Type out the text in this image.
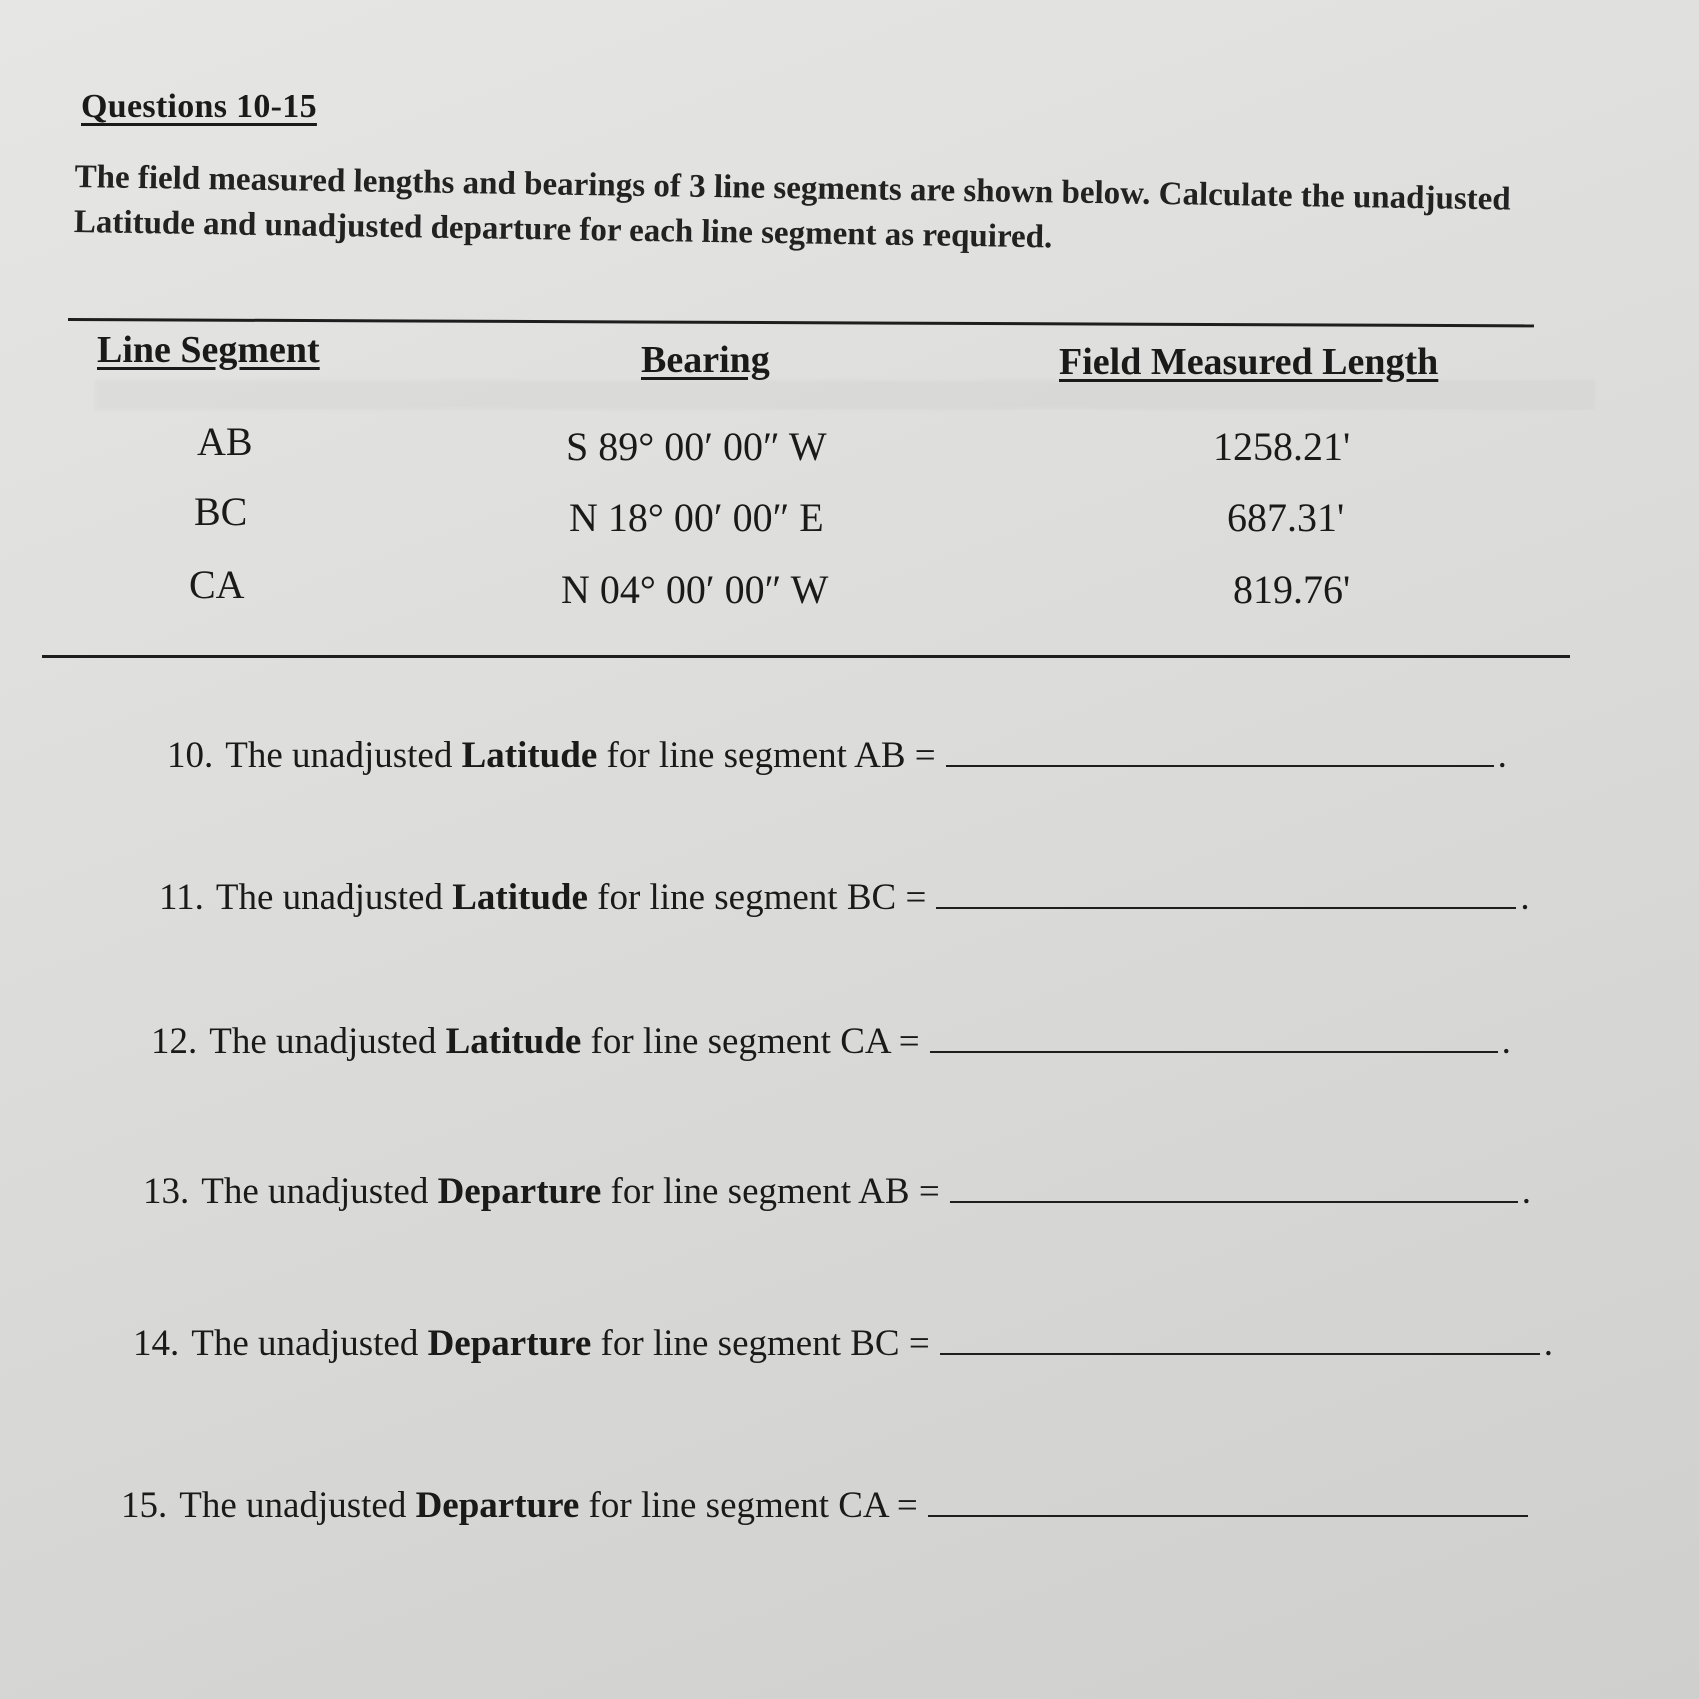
Questions 10-15
The field measured lengths and bearings of 3 line segments are shown below. Calculate the unadjusted Latitude and unadjusted departure for each line segment as required.
Line Segment	Bearing	Field Measured Length
AB	S 89° 00′ 00″ W	1258.21'
BC	N 18° 00′ 00″ E	687.31'
CA	N 04° 00′ 00″ W	819.76'
10. The unadjusted
Latitude
for line segment AB =	.
11. The unadjusted
Latitude
for line segment BC =	.
12. The unadjusted
Latitude
for line segment CA =	.
13. The unadjusted
Departure
for line segment AB =	.
14. The unadjusted
Departure
for line segment BC =	.
15. The unadjusted
Departure
for line segment CA =
